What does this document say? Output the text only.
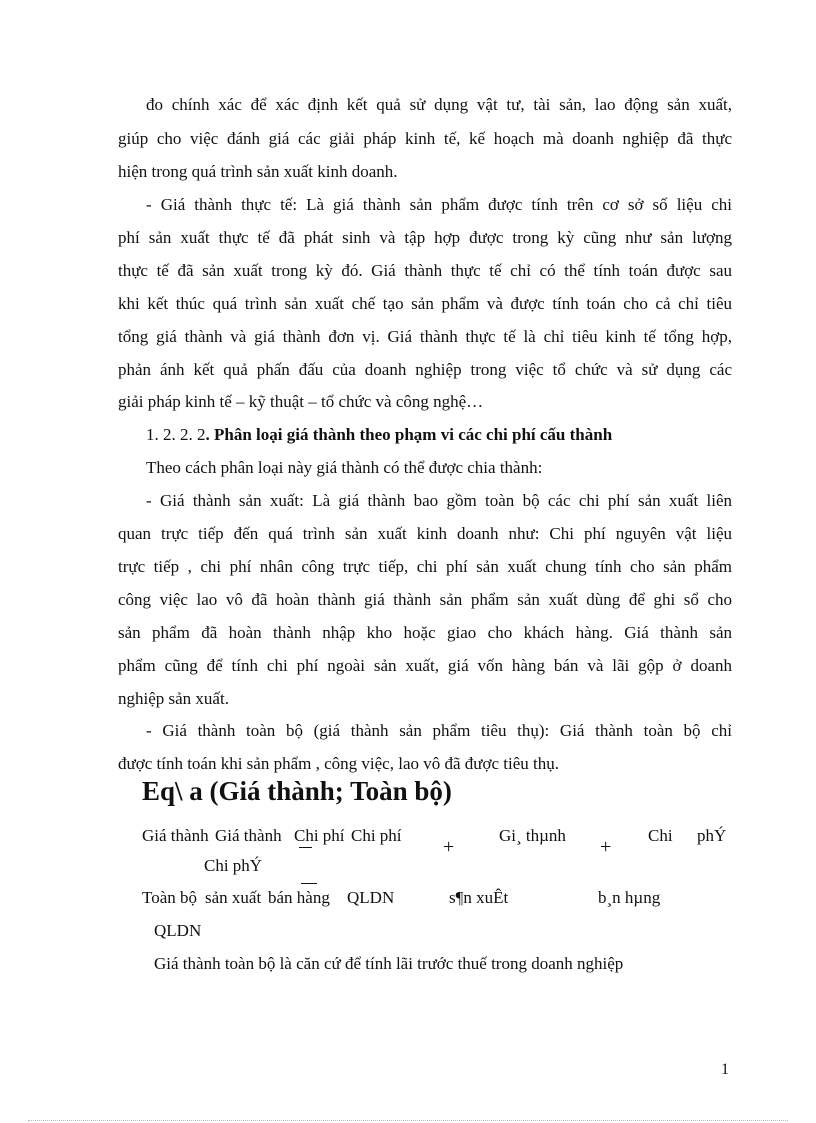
đo chính xác để xác định kết quả sử dụng vật tư, tài sản, lao động sản xuất,
giúp cho việc đánh giá các giải pháp kinh tế, kế hoạch mà doanh nghiệp đã thực
hiện trong quá trình sản xuất kinh doanh.
- Giá thành thực tế: Là giá thành sản phẩm được tính trên cơ sở số liệu chi
phí sản xuất thực tế đã phát sinh và tập hợp được trong kỳ cũng như sản lượng
thực tế đã sản xuất trong kỳ đó. Giá thành thực tế chỉ có thể tính toán được sau
khi kết thúc quá trình sản xuất chế tạo sản phẩm và được tính toán cho cả chỉ tiêu
tổng giá thành và giá thành đơn vị. Giá thành thực tế là chỉ tiêu kinh tế tổng hợp,
phản ánh kết quả phấn đấu của doanh nghiệp trong việc tổ chức và sử dụng các
giải pháp kinh tế – kỹ thuật – tổ chức và công nghệ…
1. 2. 2. 2. Phân loại giá thành theo phạm vi các chi phí cấu thành
Theo cách phân loại này giá thành có thể được chia thành:
- Giá thành sản xuất: Là giá thành bao gồm toàn bộ các chi phí sản xuất liên
quan trực tiếp đến quá trình sản xuất kinh doanh như: Chi phí nguyên vật liệu
trực tiếp , chi phí nhân công trực tiếp, chi phí sản xuất chung tính cho sản phẩm
công việc lao vô đã hoàn thành giá thành sản phẩm sản xuất dùng để ghi sổ cho
sản phẩm đã hoàn thành nhập kho hoặc giao cho khách hàng. Giá thành sản
phẩm cũng để tính chi phí ngoài sản xuất, giá vốn hàng bán và lãi gộp ở doanh
nghiệp sản xuất.
- Giá thành toàn bộ (giá thành sản phẩm tiêu thụ): Giá thành toàn bộ chỉ
được tính toán khi sản phẩm , công việc, lao vô đã được tiêu thụ.
Eq\ a (Giá thành; Toàn bộ)
Giá thành Giá thành Chi phí Chi phí	Gi¸ thµnh	Chi phÝ
+	+
Chi phÝ
Toàn bộ sản xuất bán hàng QLDN	s¶n xuÊt	b¸n hµng
QLDN
Giá thành toàn bộ là căn cứ để tính lãi trước thuế trong doanh nghiệp
1
